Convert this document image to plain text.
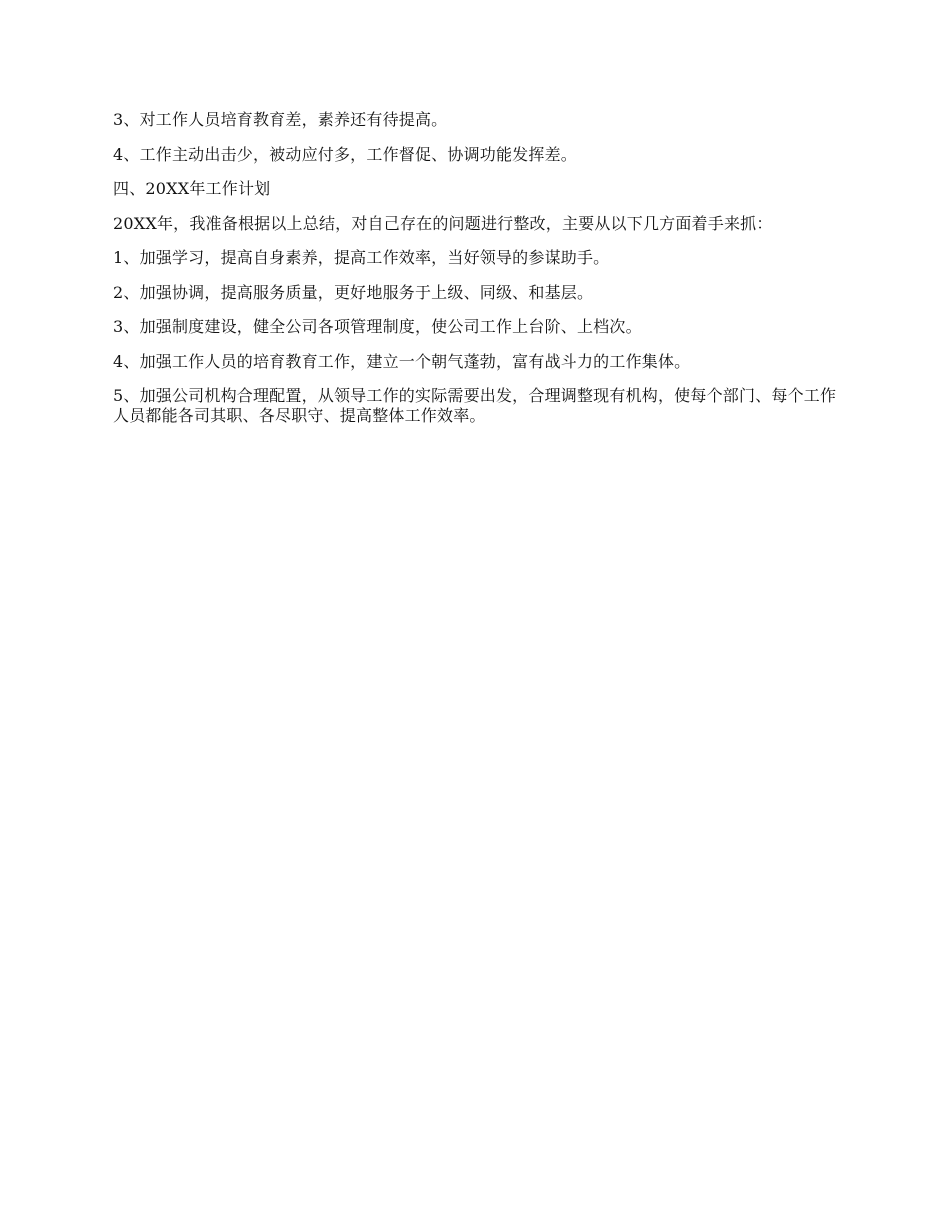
3、对工作人员培育教育差，素养还有待提高。

4、工作主动出击少，被动应付多，工作督促、协调功能发挥差。

四、20XX年工作计划

20XX年，我准备根据以上总结，对自己存在的问题进行整改，主要从以下几方面着手来抓：

1、加强学习，提高自身素养，提高工作效率，当好领导的参谋助手。

2、加强协调，提高服务质量，更好地服务于上级、同级、和基层。

3、加强制度建设，健全公司各项管理制度，使公司工作上台阶、上档次。

4、加强工作人员的培育教育工作，建立一个朝气蓬勃，富有战斗力的工作集体。

5、加强公司机构合理配置，从领导工作的实际需要出发，合理调整现有机构，使每个部门、每个工作人员都能各司其职、各尽职守、提高整体工作效率。
